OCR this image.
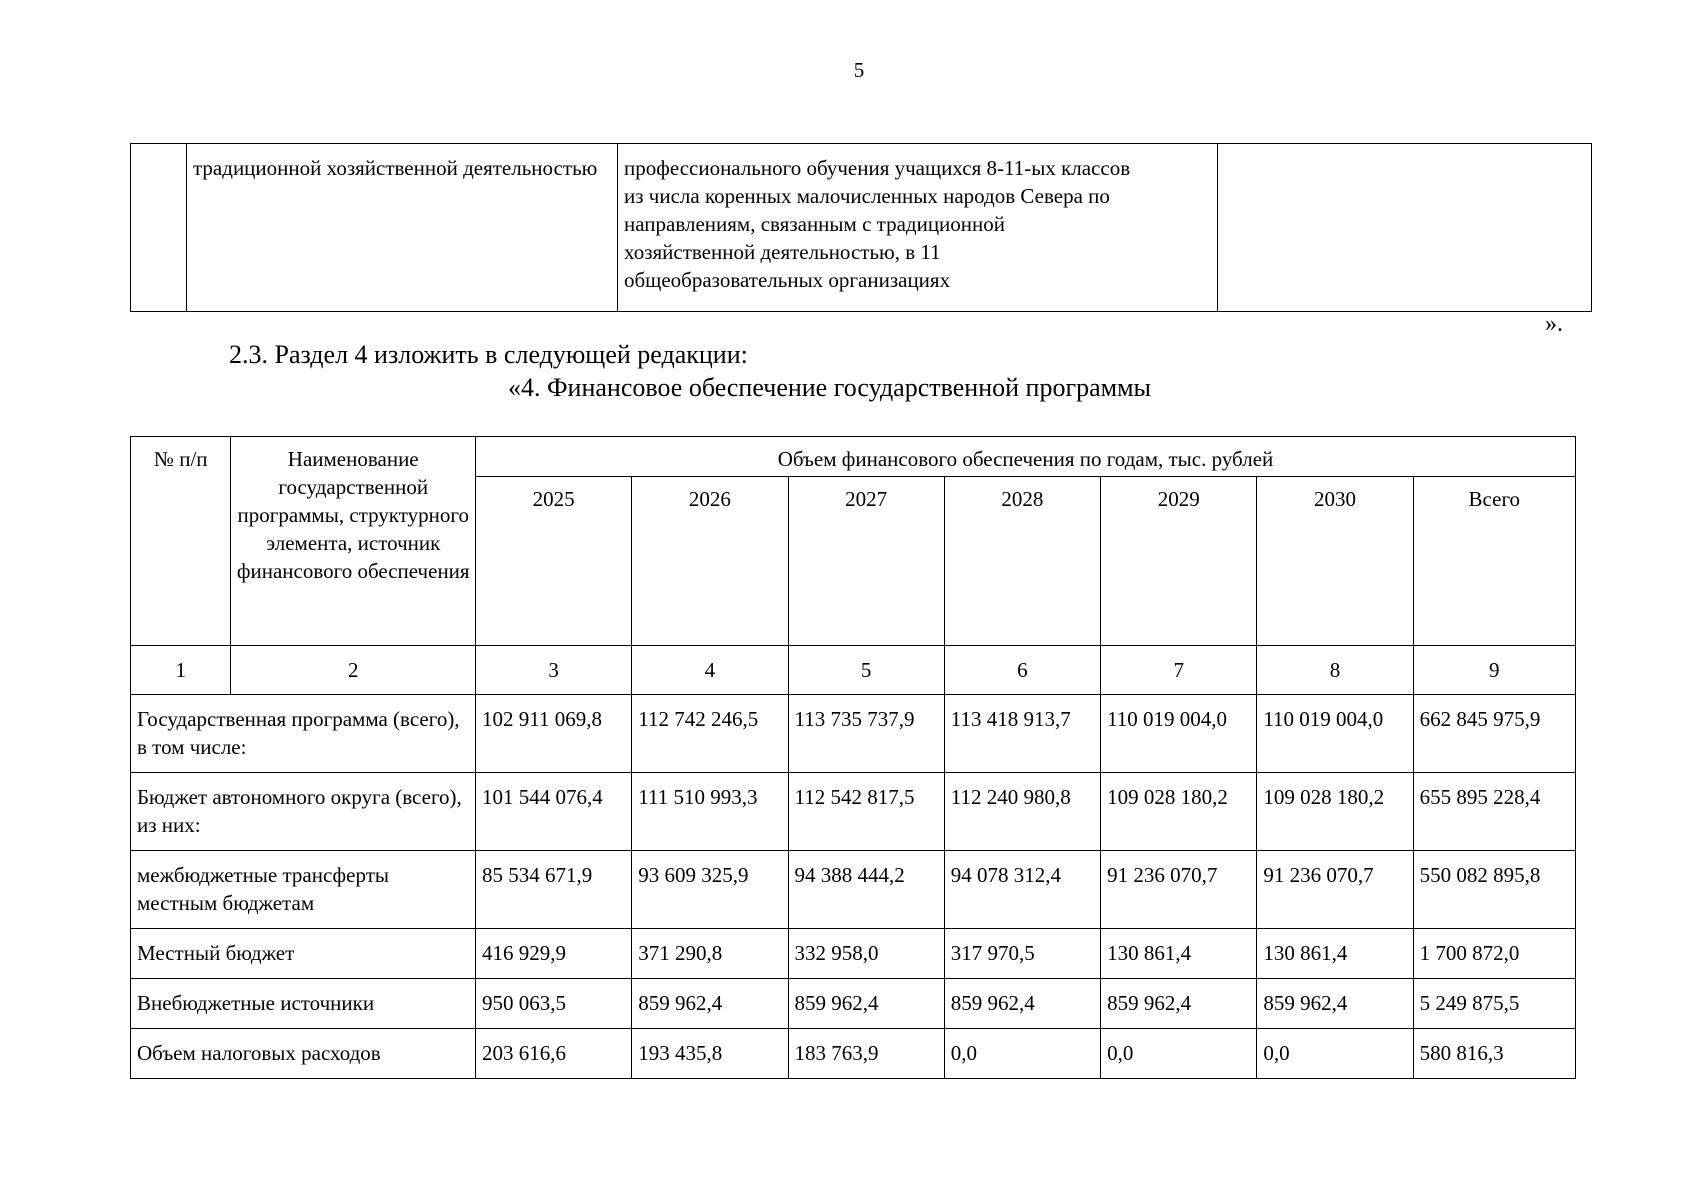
5
	традиционной хозяйственной деятельностью	профессионального обучения учащихся 8-11-ых классов
из числа коренных малочисленных народов Севера по
направлениям, связанным с традиционной
хозяйственной деятельностью, в 11
общеобразовательных организациях

».
2.3. Раздел 4 изложить в следующей редакции:
«4. Финансовое обеспечение государственной программы
№ п/п	Наименование государственной программы, структурного элемента, источник финансового обеспечения	Объем финансового обеспечения по годам, тыс. рублей						
		2025	2026	2027	2028	2029	2030	Всего
1	2	3	4	5	6	7	8	9
Государственная программа (всего), в том числе:		102 911 069,8	112 742 246,5	113 735 737,9	113 418 913,7	110 019 004,0	110 019 004,0	662 845 975,9
Бюджет автономного округа (всего), из них:		101 544 076,4	111 510 993,3	112 542 817,5	112 240 980,8	109 028 180,2	109 028 180,2	655 895 228,4
межбюджетные трансферты местным бюджетам		85 534 671,9	93 609 325,9	94 388 444,2	94 078 312,4	91 236 070,7	91 236 070,7	550 082 895,8
Местный бюджет		416 929,9	371 290,8	332 958,0	317 970,5	130 861,4	130 861,4	1 700 872,0
Внебюджетные источники		950 063,5	859 962,4	859 962,4	859 962,4	859 962,4	859 962,4	5 249 875,5
Объем налоговых расходов		203 616,6	193 435,8	183 763,9	0,0	0,0	0,0	580 816,3
